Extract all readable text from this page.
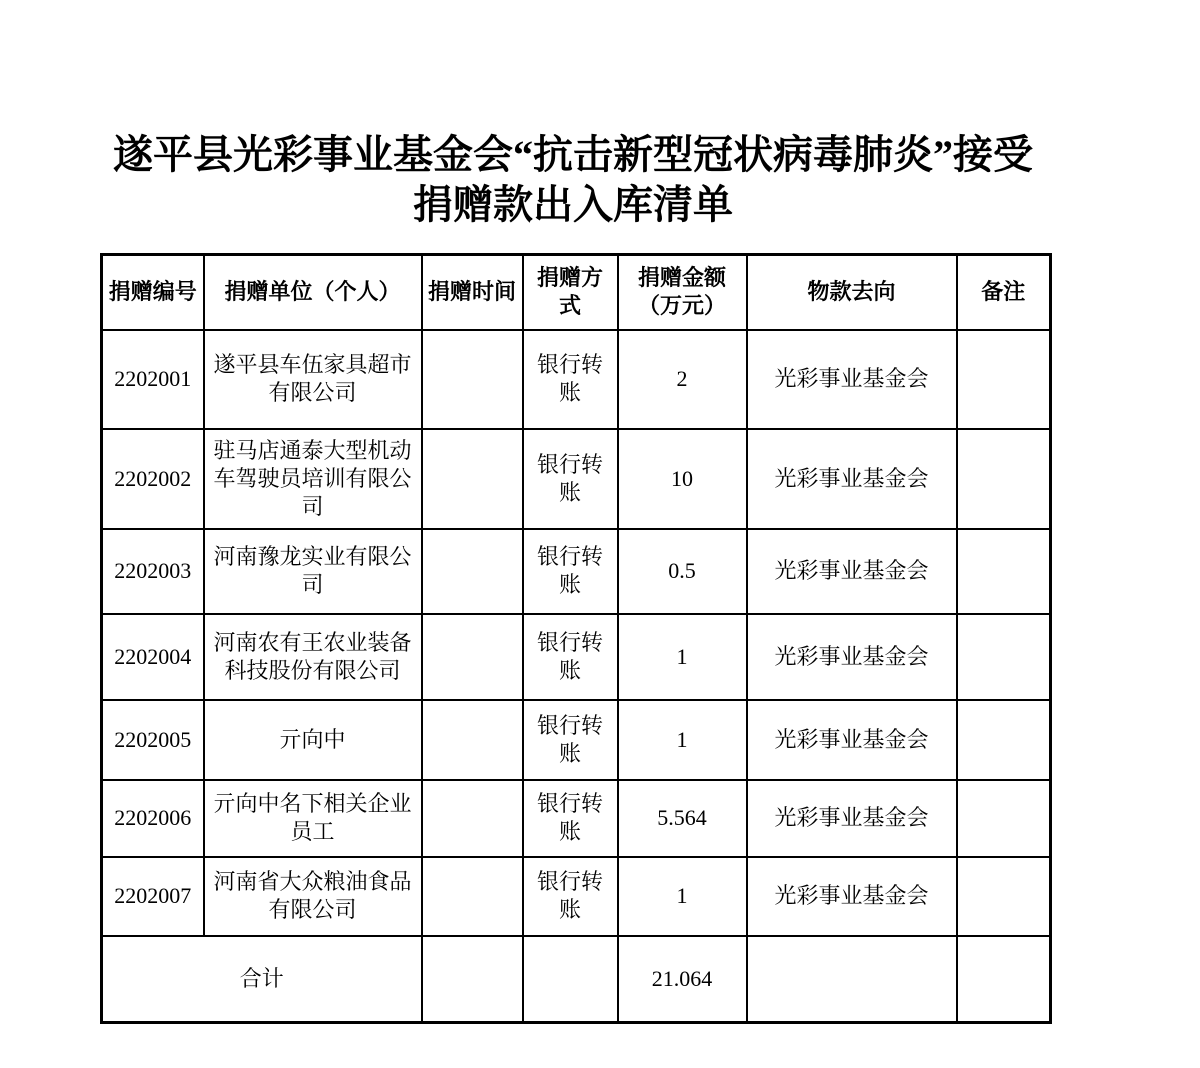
遂平县光彩事业基金会“抗击新型冠状病毒肺炎”接受捐赠款出入库清单
捐赠编号	捐赠单位（个人）	捐赠时间	捐赠方式	捐赠金额（万元）	物款去向	备注
2202001	遂平县车伍家具超市有限公司		银行转账	2	光彩事业基金会	
2202002	驻马店通泰大型机动车驾驶员培训有限公司		银行转账	10	光彩事业基金会	
2202003	河南豫龙实业有限公司		银行转账	0.5	光彩事业基金会	
2202004	河南农有王农业装备科技股份有限公司		银行转账	1	光彩事业基金会	
2202005	亓向中		银行转账	1	光彩事业基金会	
2202006	亓向中名下相关企业员工		银行转账	5.564	光彩事业基金会	
2202007	河南省大众粮油食品有限公司		银行转账	1	光彩事业基金会	
合计				21.064		
